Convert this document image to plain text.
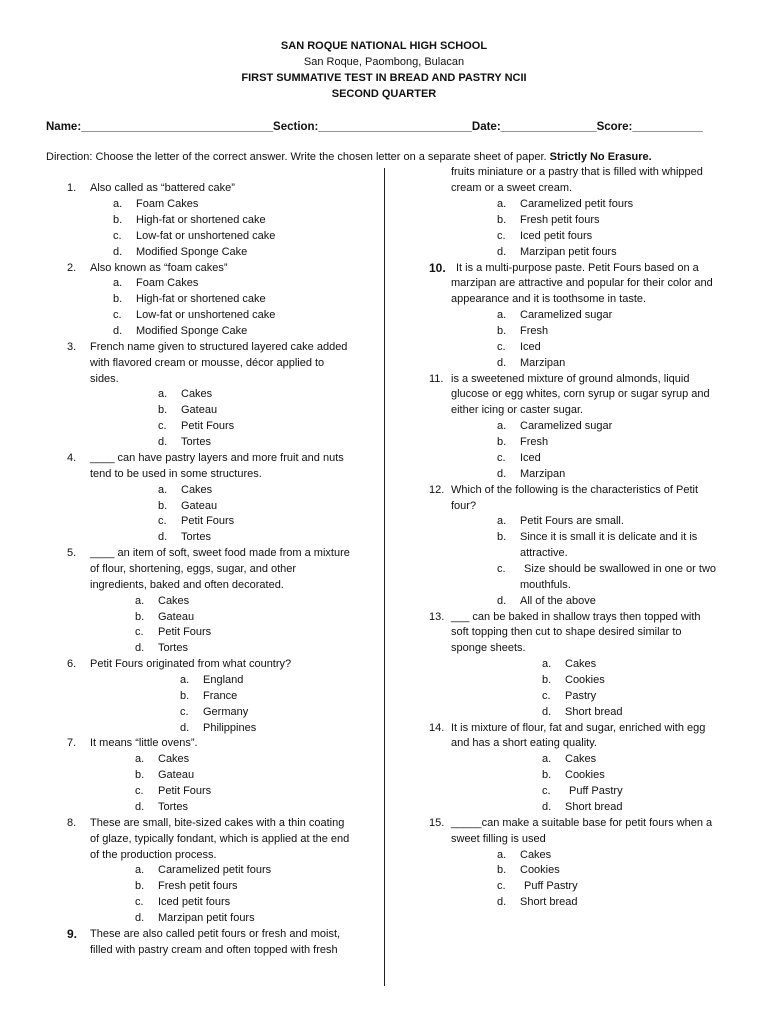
SAN ROQUE NATIONAL HIGH SCHOOL
San Roque, Paombong, Bulacan
FIRST SUMMATIVE TEST IN BREAD AND PASTRY NCII
SECOND QUARTER
Name:______________________________Section:________________________Date:_______________Score:___________
Direction: Choose the letter of the correct answer. Write the chosen letter on a separate sheet of paper. Strictly No Erasure.
1. Also called as “battered cake”
a. Foam Cakes
b. High-fat or shortened cake
c. Low-fat or unshortened cake
d. Modified Sponge Cake
2. Also known as “foam cakes”
a. Foam Cakes
b. High-fat or shortened cake
c. Low-fat or unshortened cake
d. Modified Sponge Cake
3. French name given to structured layered cake added
with flavored cream or mousse, décor applied to
sides.
a. Cakes
b. Gateau
c. Petit Fours
d. Tortes
4. ____ can have pastry layers and more fruit and nuts
tend to be used in some structures.
a. Cakes
b. Gateau
c. Petit Fours
d. Tortes
5. ____ an item of soft, sweet food made from a mixture
of flour, shortening, eggs, sugar, and other
ingredients, baked and often decorated.
a. Cakes
b. Gateau
c. Petit Fours
d. Tortes
6. Petit Fours originated from what country?
a. England
b. France
c. Germany
d. Philippines
7. It means “little ovens”.
a. Cakes
b. Gateau
c. Petit Fours
d. Tortes
8. These are small, bite-sized cakes with a thin coating
of glaze, typically fondant, which is applied at the end
of the production process.
a. Caramelized petit fours
b. Fresh petit fours
c. Iced petit fours
d. Marzipan petit fours
9. These are also called petit fours or fresh and moist,
filled with pastry cream and often topped with fresh
fruits miniature or a pastry that is filled with whipped
cream or a sweet cream.
a. Caramelized petit fours
b. Fresh petit fours
c. Iced petit fours
d. Marzipan petit fours
10. It is a multi-purpose paste. Petit Fours based on a
marzipan are attractive and popular for their color and
appearance and it is toothsome in taste.
a. Caramelized sugar
b. Fresh
c. Iced
d. Marzipan
11. is a sweetened mixture of ground almonds, liquid
glucose or egg whites, corn syrup or sugar syrup and
either icing or caster sugar.
a. Caramelized sugar
b. Fresh
c. Iced
d. Marzipan
12. Which of the following is the characteristics of Petit
four?
a. Petit Fours are small.
b. Since it is small it is delicate and it is
attractive.
c. Size should be swallowed in one or two
mouthfuls.
d. All of the above
13. ___ can be baked in shallow trays then topped with
soft topping then cut to shape desired similar to
sponge sheets.
a. Cakes
b. Cookies
c. Pastry
d. Short bread
14. It is mixture of flour, fat and sugar, enriched with egg
and has a short eating quality.
a. Cakes
b. Cookies
c. Puff Pastry
d. Short bread
15. _____can make a suitable base for petit fours when a
sweet filling is used
a. Cakes
b. Cookies
c. Puff Pastry
d. Short bread
